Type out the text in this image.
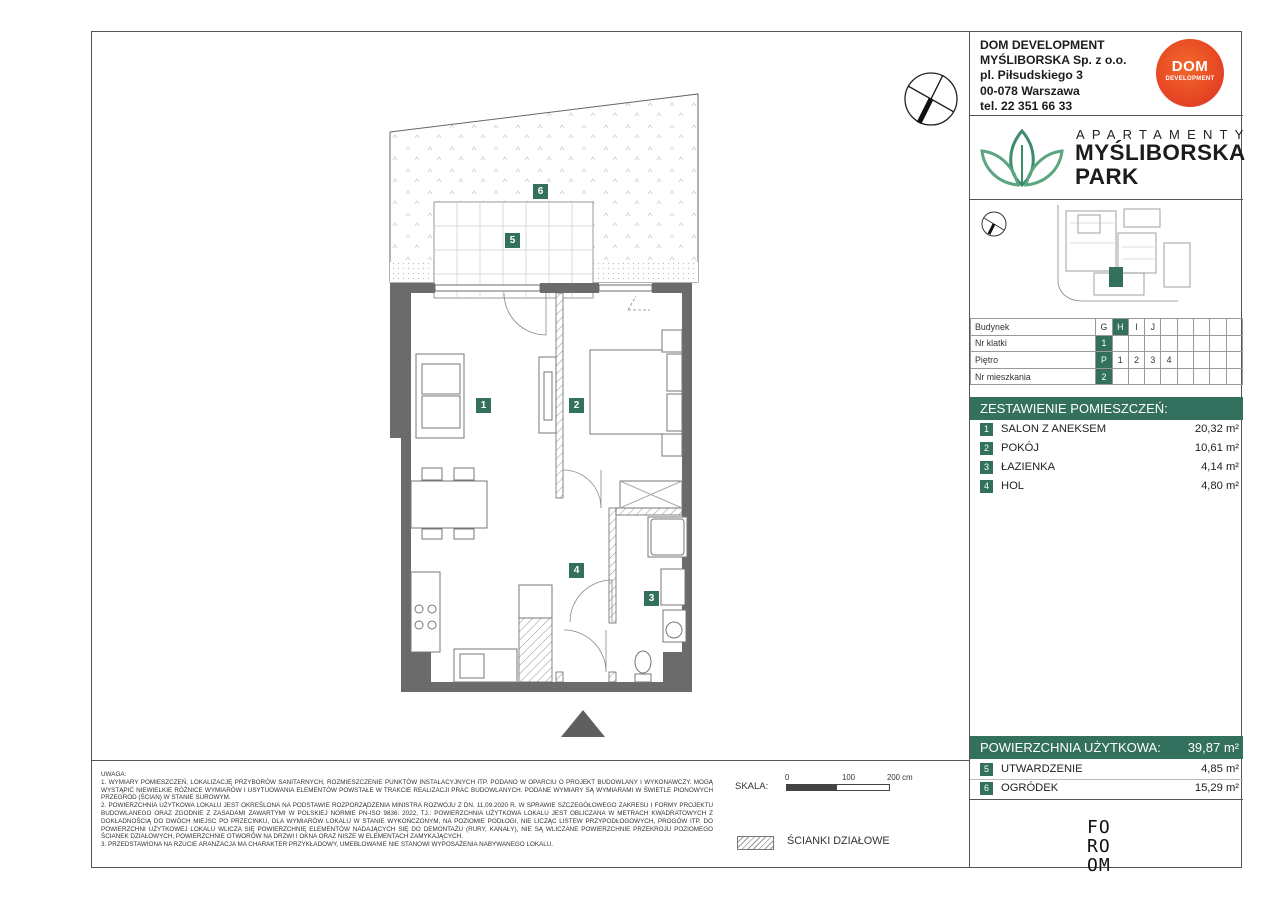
6
5
1	2
4
3
UWAGA:
1. WYMIARY POMIESZCZEŃ, LOKALIZACJĘ PRZYBORÓW SANITARNYCH, ROZMIESZCZENIE PUNKTÓW INSTALACYJNYCH ITP. PODANO W OPARCIU O PROJEKT BUDOWLANY I WYKONAWCZY. MOGĄ WYSTĄPIĆ NIEWIELKIE RÓŻNICE WYMIARÓW I USYTUOWANIA ELEMENTÓW POWSTAŁE W TRAKCIE REALIZACJI PRAC BUDOWLANYCH. PODANE WYMIARY SĄ WYMIARAMI W ŚWIETLE PIONOWYCH PRZEGRÓD (ŚCIAN) W STANIE SUROWYM.
2. POWIERZCHNIA UŻYTKOWA LOKALU JEST OKREŚLONA NA PODSTAWIE ROZPORZĄDZENIA MINISTRA ROZWOJU Z DN. 11.09.2020 R. W SPRAWIE SZCZEGÓŁOWEGO ZAKRESU I FORMY PROJEKTU BUDOWLANEGO ORAZ ZGODNIE Z ZASADAMI ZAWARTYMI W POLSKIEJ NORMIE PN-ISO 9836: 2022, TJ.: POWIERZCHNIA UŻYTKOWA LOKALU JEST OBLICZANA W METRACH KWADRATOWYCH Z DOKŁADNOŚCIĄ DO DWÓCH MIEJSC PO PRZECINKU, DLA WYMIARÓW LOKALU W STANIE WYKOŃCZONYM, NA POZIOMIE PODŁOGI, NIE LICZĄC LISTEW PRZYPODŁOGOWYCH, PROGÓW ITP. DO POWIERZCHNI UŻYTKOWEJ LOKALU WLICZA SIĘ POWIERZCHNIĘ ELEMENTÓW NADAJĄCYCH SIĘ DO DEMONTAŻU (RURY, KANAŁY), NIE SĄ WLICZANE POWIERZCHNIE PRZEKROJU POZIOMEGO ŚCIANEK DZIAŁOWYCH, POWIERZCHNIE OTWORÓW NA DRZWI I OKNA ORAZ NISZE W ELEMENTACH ZAMYKAJĄCYCH.
3. PRZEDSTAWIONA NA RZUCIE ARANŻACJA MA CHARAKTER PRZYKŁADOWY, UMEBLOWANIE NIE STANOWI WYPOSAŻENIA NABYWANEGO LOKALU.
SKALA:
0	100	200 cm
ŚCIANKI DZIAŁOWE
DOM DEVELOPMENT
MYŚLIBORSKA Sp. z o.o.
pl. Piłsudskiego 3
00-078 Warszawa
tel. 22 351 66 33
DOM
DEVELOPMENT
APARTAMENTY
MYŚLIBORSKA
PARK
Budynek	G	H	I	J					
Nr klatki	1								
Piętro	P	1	2	3	4				
Nr mieszkania	2								
ZESTAWIENIE POMIESZCZEŃ:
1	SALON Z ANEKSEM	20,32 m²
2	POKÓJ	10,61 m²
3	ŁAZIENKA	4,14 m²
4	HOL	4,80 m²
POWIERZCHNIA UŻYTKOWA: 39,87 m²
5	UTWARDZENIE	4,85 m²
6	OGRÓDEK	15,29 m²
FO
RO
OM
